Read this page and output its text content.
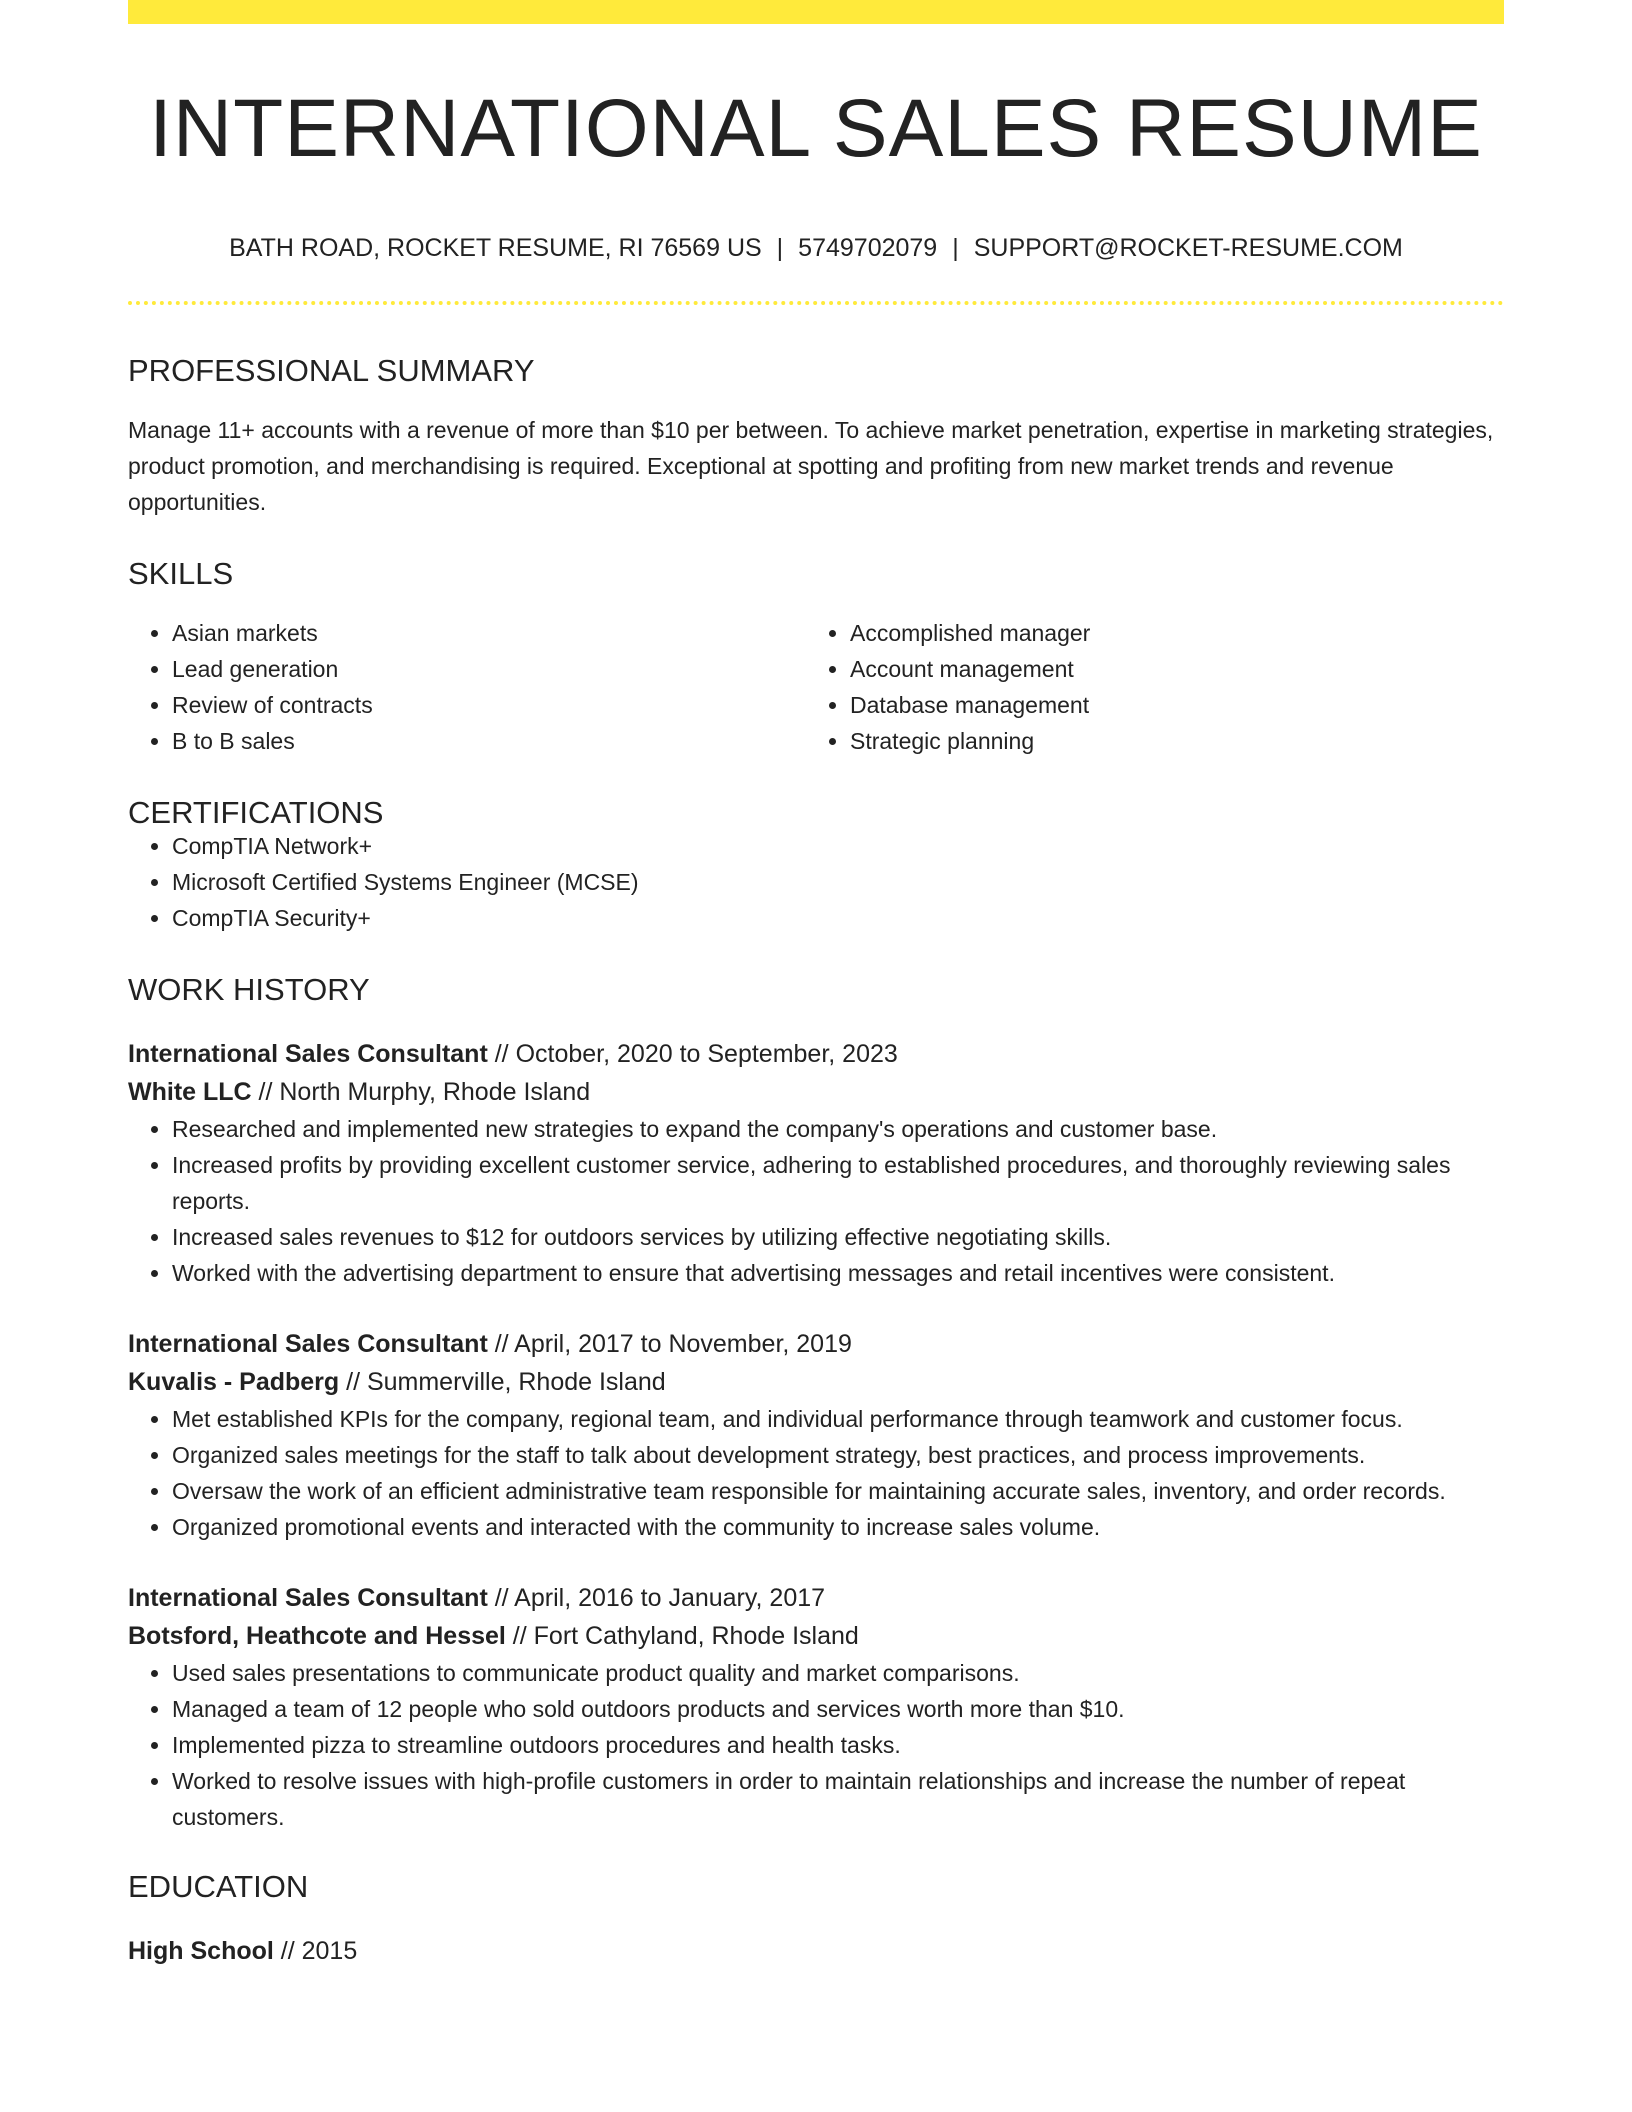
INTERNATIONAL SALES RESUME
BATH ROAD, ROCKET RESUME, RI 76569 US | 5749702079 | SUPPORT@ROCKET-RESUME.COM
PROFESSIONAL SUMMARY
Manage 11+ accounts with a revenue of more than $10 per between. To achieve market penetration, expertise in marketing strategies, product promotion, and merchandising is required. Exceptional at spotting and profiting from new market trends and revenue opportunities.
SKILLS
• Asian markets
• Lead generation
• Review of contracts
• B to B sales
• Accomplished manager
• Account management
• Database management
• Strategic planning
CERTIFICATIONS
• CompTIA Network+
• Microsoft Certified Systems Engineer (MCSE)
• CompTIA Security+
WORK HISTORY
International Sales Consultant // October, 2020 to September, 2023
White LLC // North Murphy, Rhode Island
• Researched and implemented new strategies to expand the company's operations and customer base.
• Increased profits by providing excellent customer service, adhering to established procedures, and thoroughly reviewing sales reports.
• Increased sales revenues to $12 for outdoors services by utilizing effective negotiating skills.
• Worked with the advertising department to ensure that advertising messages and retail incentives were consistent.
International Sales Consultant // April, 2017 to November, 2019
Kuvalis - Padberg // Summerville, Rhode Island
• Met established KPIs for the company, regional team, and individual performance through teamwork and customer focus.
• Organized sales meetings for the staff to talk about development strategy, best practices, and process improvements.
• Oversaw the work of an efficient administrative team responsible for maintaining accurate sales, inventory, and order records.
• Organized promotional events and interacted with the community to increase sales volume.
International Sales Consultant // April, 2016 to January, 2017
Botsford, Heathcote and Hessel // Fort Cathyland, Rhode Island
• Used sales presentations to communicate product quality and market comparisons.
• Managed a team of 12 people who sold outdoors products and services worth more than $10.
• Implemented pizza to streamline outdoors procedures and health tasks.
• Worked to resolve issues with high-profile customers in order to maintain relationships and increase the number of repeat customers.
EDUCATION
High School // 2015
